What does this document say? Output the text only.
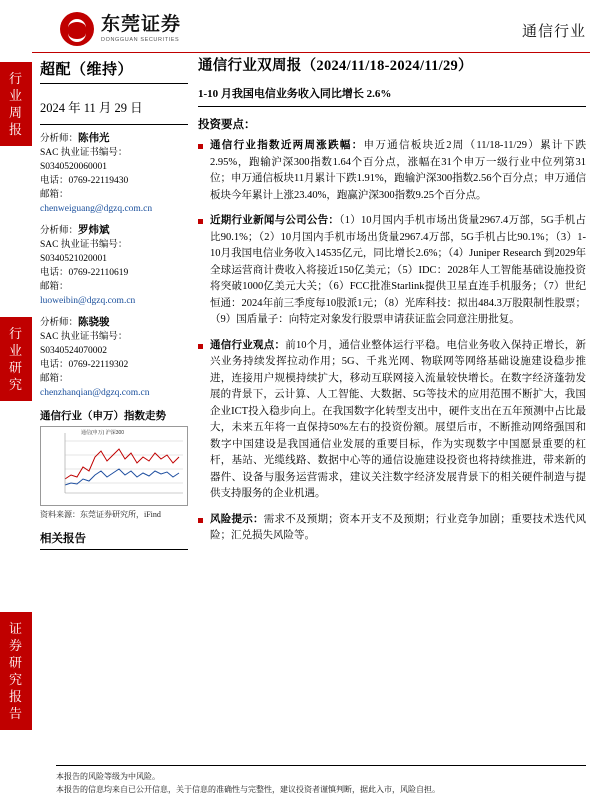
东莞证券
DONGGUAN SECURITIES	通信行业
行
业
周
报
行
业
研
究
证
券
研
究
报
告
超配（维持）
2024 年 11 月 29 日
分析师：陈伟光
SAC 执业证书编号：
S0340520060001
电话：0769-22119430
邮箱：
chenweiguang@dgzq.com.cn
分析师：罗炜斌
SAC 执业证书编号：
S0340521020001
电话：0769-22110619
邮箱：
luoweibin@dgzq.com.cn
分析师：陈骁骏
SAC 执业证书编号：
S0340524070002
电话：0769-22119302
邮箱：
chenzhanqian@dgzq.com.cn
通信行业（申万）指数走势
通信(申万) 沪深300
资料来源：东莞证券研究所，iFind
相关报告
通信行业双周报（2024/11/18-2024/11/29）
1-10 月我国电信业务收入同比增长 2.6%
投资要点：
通信行业指数近两周涨跌幅：申万通信板块近2周（11/18-11/29）累计下跌2.95%，跑输沪深300指数1.64个百分点，涨幅在31个申万一级行业中位列第31位；申万通信板块11月累计下跌1.91%，跑输沪深300指数2.56个百分点；申万通信板块今年累计上涨23.40%，跑赢沪深300指数9.25个百分点。
近期行业新闻与公司公告：（1）10月国内手机市场出货量2967.4万部，5G手机占比90.1%；（2）10月国内手机市场出货量2967.4万部，5G手机占比90.1%；（3）1-10月我国电信业务收入14535亿元，同比增长2.6%；（4）Juniper Research 到2029年全球运营商计费收入将接近150亿美元；（5）IDC：2028年人工智能基础设施投资将突破1000亿美元大关；（6）FCC批准Starlink提供卫星直连手机服务；（7）世纪恒通：2024年前三季度每10股派1元；（8）光库科技：拟出484.3万股限制性股票；（9）国盾量子：向特定对象发行股票申请获证监会同意注册批复。
通信行业观点：前10个月，通信业整体运行平稳。电信业务收入保持正增长，新兴业务持续发挥拉动作用；5G、千兆光网、物联网等网络基础设施建设稳步推进，连接用户规模持续扩大，移动互联网接入流量较快增长。在数字经济蓬勃发展的背景下，云计算、人工智能、大数据、5G等技术的应用范围不断扩大，我国企业ICT投入稳步向上。在我国数字化转型支出中，硬件支出在五年预测中占比最大，未来五年将一直保持50%左右的投资份额。展望后市，不断推动网络强国和数字中国建设是我国通信业发展的重要目标，作为实现数字中国愿景重要的杠杆，基站、光缆线路、数据中心等的通信设施建设投资也将持续推进，带来新的器件、设备与服务运营需求，建议关注数字经济发展背景下的相关硬件制造与提供支持服务的企业机遇。
风险提示：需求不及预期；资本开支不及预期；行业竞争加剧；重要技术迭代风险；汇兑损失风险等。
本报告的风险等级为中风险。
本报告的信息均来自已公开信息，关于信息的准确性与完整性，建议投资者谨慎判断，据此入市，风险自担。
